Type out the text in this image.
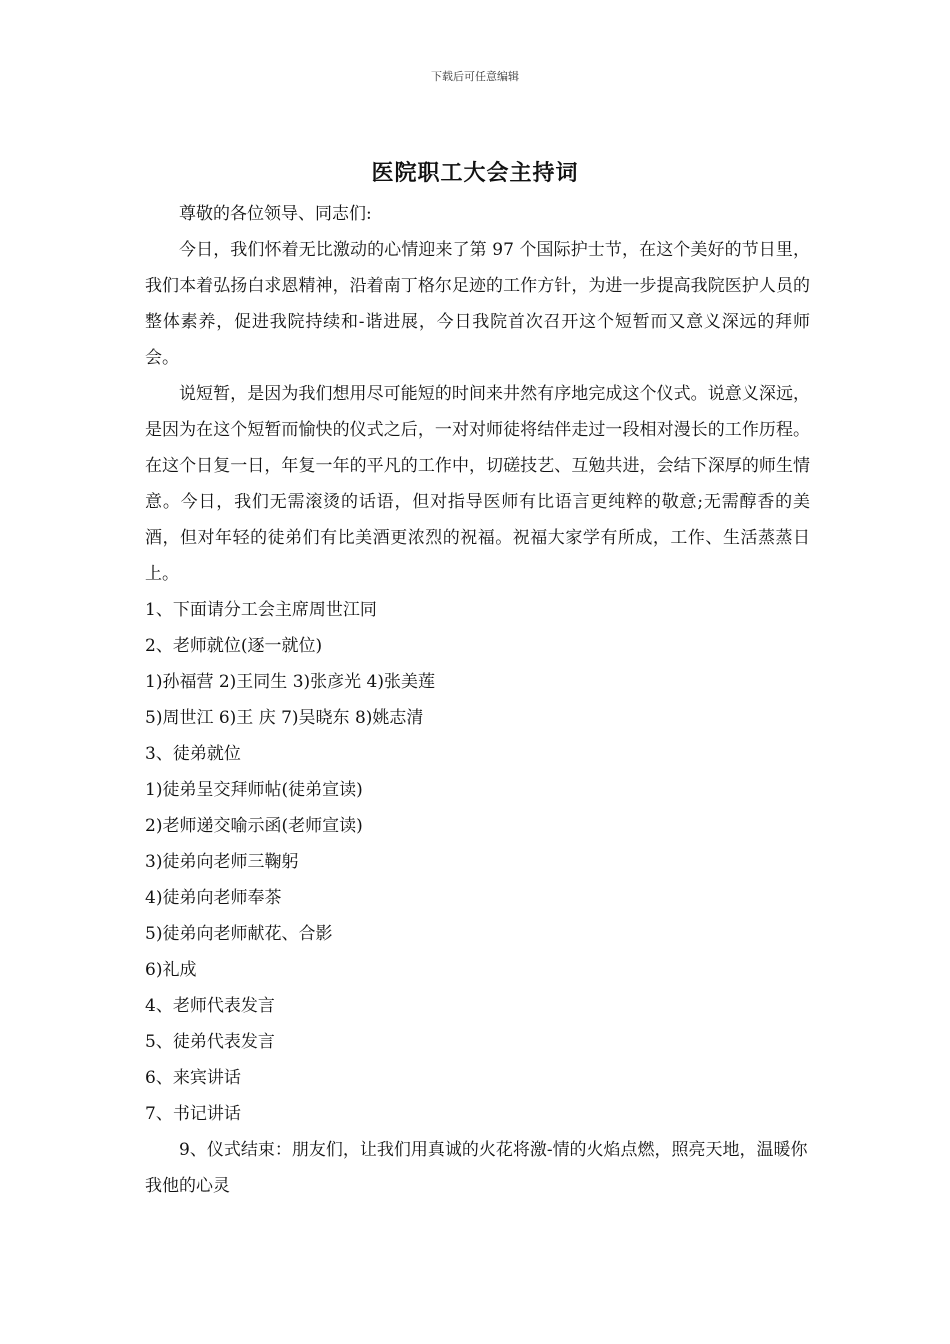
下载后可任意编辑
医院职工大会主持词

尊敬的各位领导、同志们:

今日，我们怀着无比激动的心情迎来了第 97 个国际护士节，在这个美好的节日里，我们本着弘扬白求恩精神，沿着南丁格尔足迹的工作方针，为进一步提高我院医护人员的整体素养，促进我院持续和-谐进展，今日我院首次召开这个短暂而又意义深远的拜师会。

说短暂，是因为我们想用尽可能短的时间来井然有序地完成这个仪式。说意义深远，是因为在这个短暂而愉快的仪式之后，一对对师徒将结伴走过一段相对漫长的工作历程。在这个日复一日，年复一年的平凡的工作中，切磋技艺、互勉共进，会结下深厚的师生情意。今日，我们无需滚烫的话语，但对指导医师有比语言更纯粹的敬意;无需醇香的美酒，但对年轻的徒弟们有比美酒更浓烈的祝福。祝福大家学有所成，工作、生活蒸蒸日上。

1、下面请分工会主席周世江同

2、老师就位(逐一就位)

1)孙福营 2)王同生 3)张彦光 4)张美莲

5)周世江 6)王 庆 7)吴晓东 8)姚志清

3、徒弟就位

1)徒弟呈交拜师帖(徒弟宣读)

2)老师递交喻示函(老师宣读)

3)徒弟向老师三鞠躬

4)徒弟向老师奉茶

5)徒弟向老师献花、合影

6)礼成

4、老师代表发言

5、徒弟代表发言

6、来宾讲话

7、书记讲话

9、仪式结束：朋友们，让我们用真诚的火花将激-情的火焰点燃，照亮天地，温暖你我他的心灵
